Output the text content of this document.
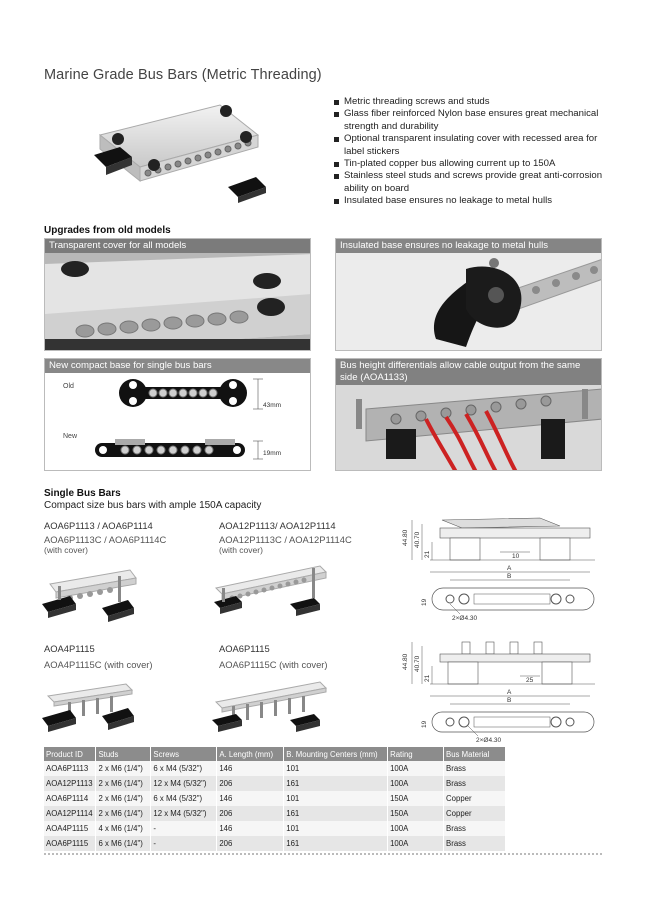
Marine Grade Bus Bars (Metric Threading)
Metric threading screws and studs
Glass fiber reinforced Nylon base ensures great mechanical strength and durability
Optional transparent insulating cover with recessed area for label stickers
Tin-plated copper bus allowing current up to 150A
Stainless steel studs and screws provide great anti-corrosion ability on board
Insulated base ensures no leakage to metal hulls
Upgrades from old models
Transparent cover for all models	Insulated base ensures no leakage to metal hulls
New compact base for single bus bars
Old
New
43mm
19mm
Bus height differentials allow cable output from the same side (AOA1133)
Single Bus Bars
Compact size bus bars with ample 150A capacity
AOA6P1113 / AOA6P1114
AOA6P1113C / AOA6P1114C
(with cover)
AOA12P1113/ AOA12P1114
AOA12P1113C / AOA12P1114C
(with cover)
AOA4P1115
AOA4P1115C (with cover)
AOA6P1115
AOA6P1115C (with cover)
44.80 40.70
21	10
A
B
19
2×Ø4.30
44.80 40.70
21	25
A
B
19
2×Ø4.30
Product ID	Studs	Screws	A. Length (mm)	B. Mounting Centers (mm)	Rating	Bus Material
AOA6P1113	2 x M6 (1/4")	6 x M4 (5/32")	146	101	100A	Brass
AOA12P1113	2 x M6 (1/4")	12 x M4 (5/32")	206	161	100A	Brass
AOA6P1114	2 x M6 (1/4")	6 x M4 (5/32")	146	101	150A	Copper
AOA12P1114	2 x M6 (1/4")	12 x M4 (5/32")	206	161	150A	Copper
AOA4P1115	4 x M6 (1/4")	-	146	101	100A	Brass
AOA6P1115	6 x M6 (1/4")	-	206	161	100A	Brass
